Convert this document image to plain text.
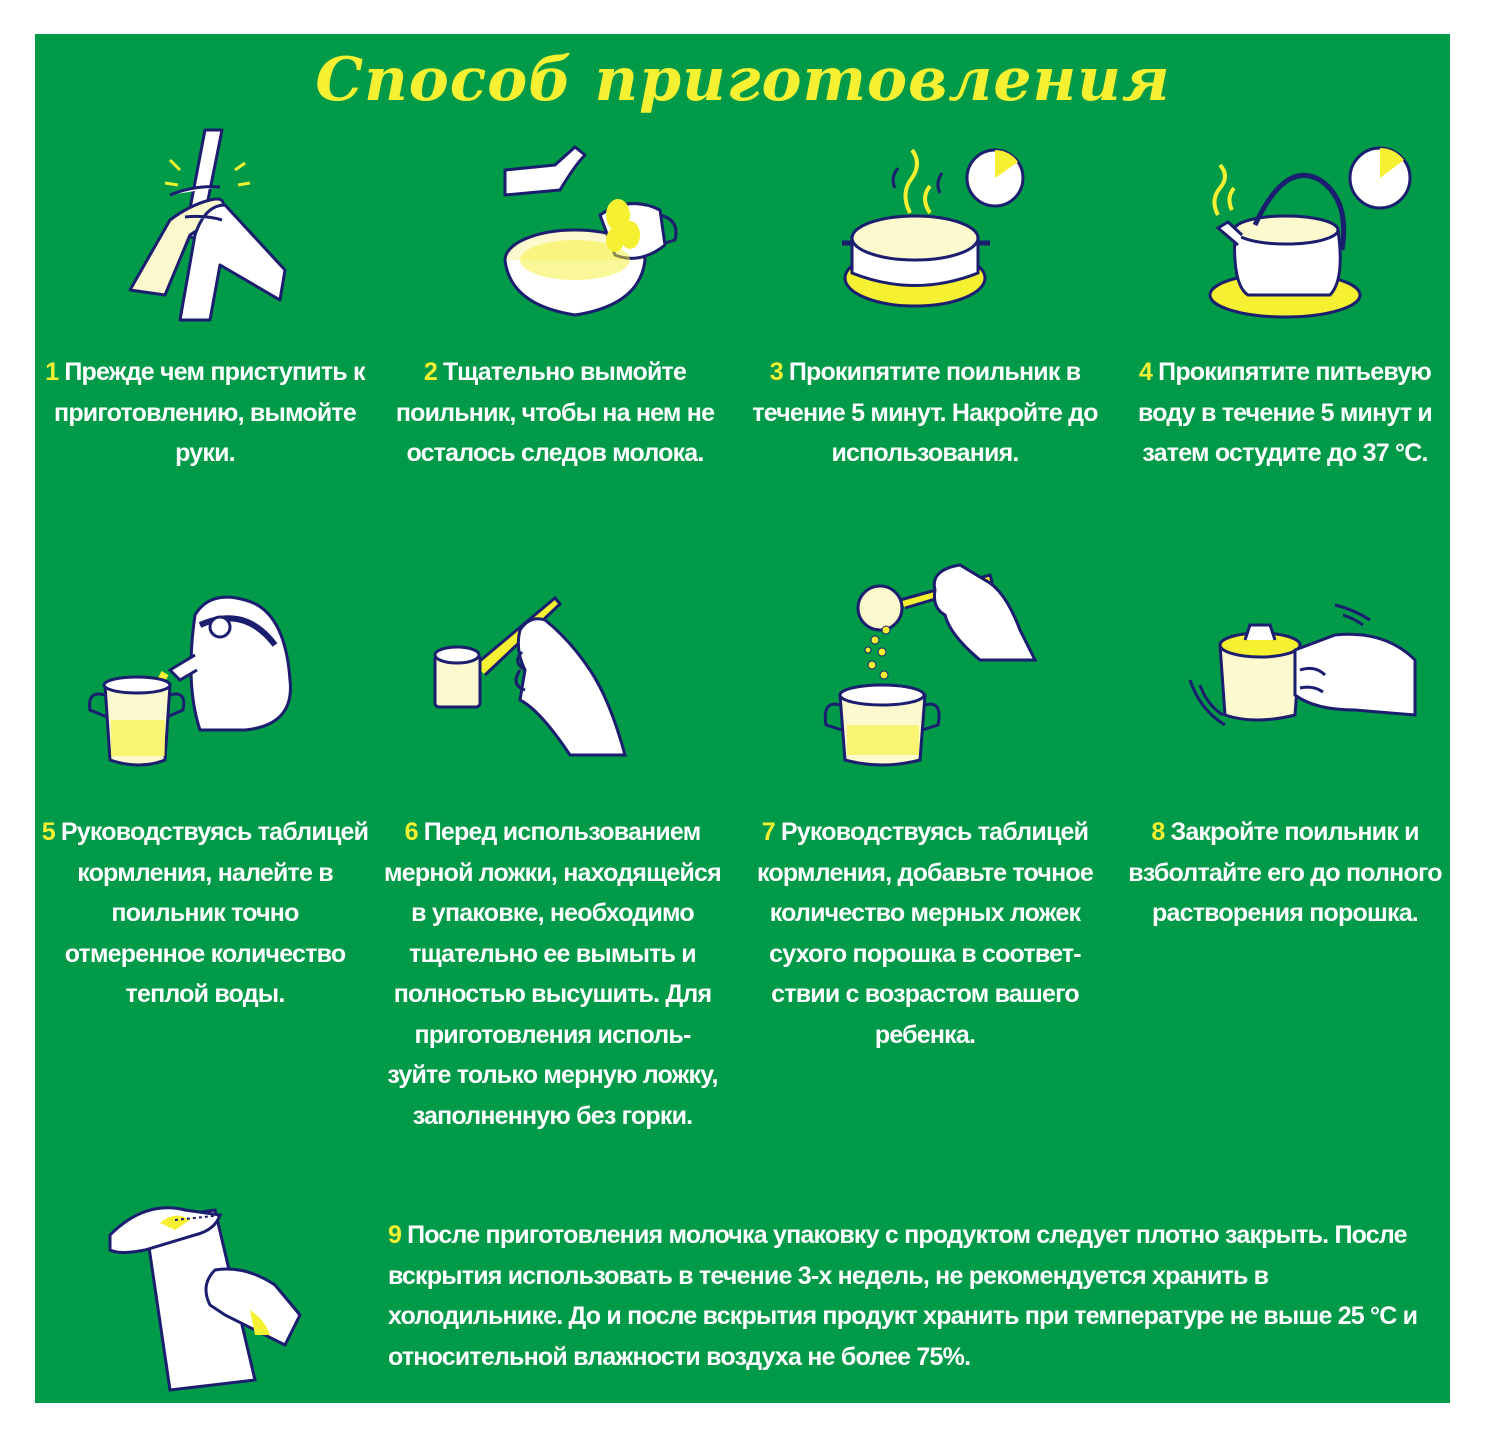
Способ приготовления
1 Прежде чем приступить к приготовлению, вымойте руки.
2 Тщательно вымойте поильник, чтобы на нем не осталось следов молока.
3 Прокипятите поильник в течение 5 минут. Накройте до использования.
4 Прокипятите питьевую воду в течение 5 минут и затем остудите до 37 °С.
5 Руководствуясь таблицей кормления, налейте в поильник точно отмеренное количество теплой воды.
6 Перед использованием мерной ложки, находящейся в упаковке, необходимо тщательно ее вымыть и полностью высушить. Для приготовления исполь- зуйте только мерную ложку, заполненную без горки.
7 Руководствуясь таблицей кормления, добавьте точное количество мерных ложек сухого порошка в соответ- ствии с возрастом вашего ребенка.
8 Закройте поильник и взболтайте его до полного растворения порошка.
9 После приготовления молочка упаковку с продуктом следует плотно закрыть. После вскрытия использовать в течение 3-х недель, не рекомендуется хранить в холодильнике. До и после вскрытия продукт хранить при температуре не выше 25 °С и относительной влажности воздуха не более 75%.
